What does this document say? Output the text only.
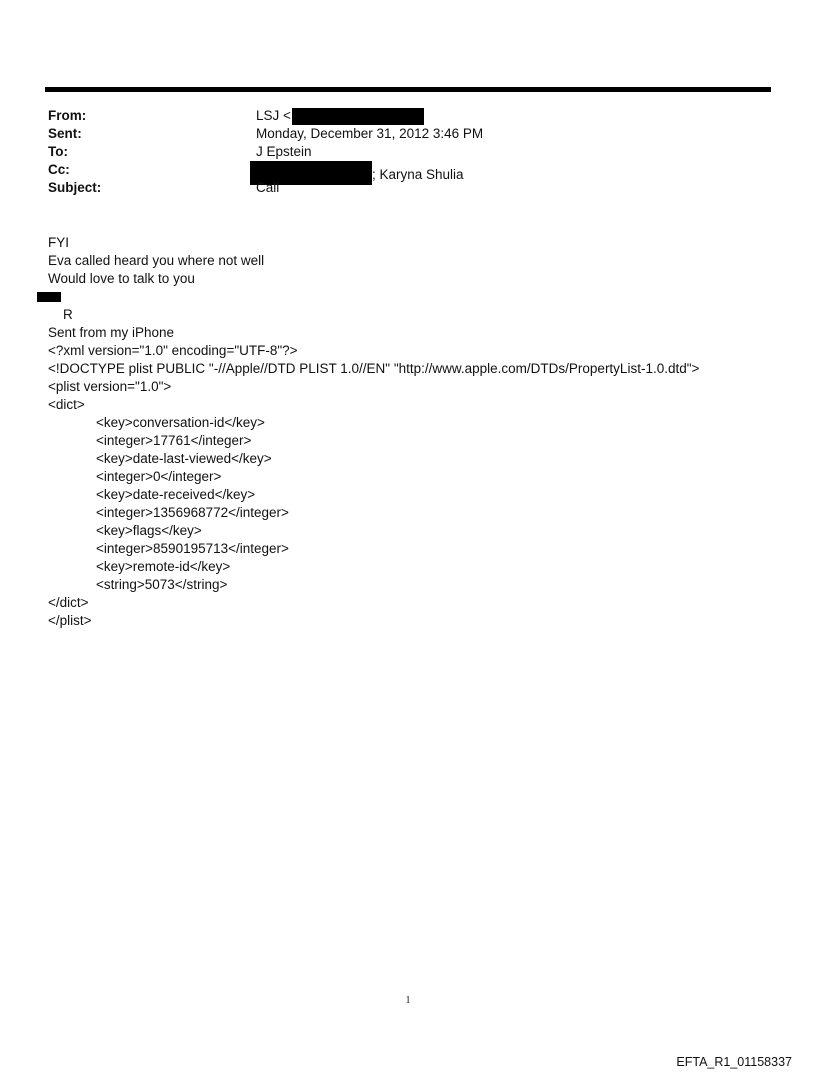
From:	LSJ <
Sent:	Monday, December 31, 2012 3:46 PM
To:	J Epstein
Cc:	; Karyna Shulia
Subject:	Call
FYI
Eva called heard you where not well
Would love to talk to you

R

Sent from my iPhone
<?xml version="1.0" encoding="UTF-8"?>
<!DOCTYPE plist PUBLIC "-//Apple//DTD PLIST 1.0//EN" "http://www.apple.com/DTDs/PropertyList-1.0.dtd">
<plist version="1.0">
<dict>
<key>conversation-id</key>
<integer>17761</integer>
<key>date-last-viewed</key>
<integer>0</integer>
<key>date-received</key>
<integer>1356968772</integer>
<key>flags</key>
<integer>8590195713</integer>
<key>remote-id</key>
<string>5073</string>
</dict>
</plist>
1
EFTA_R1_01158337
